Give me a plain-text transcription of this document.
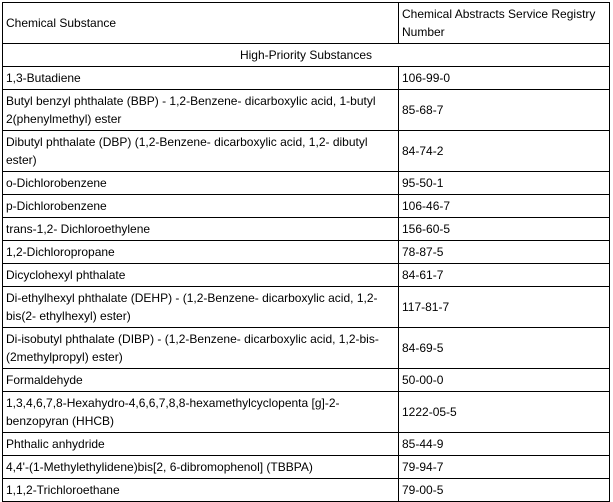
Chemical Substance	Chemical Abstracts Service Registry Number
High-Priority Substances	
1,3-Butadiene	106-99-0
Butyl benzyl phthalate (BBP) - 1,2-Benzene- dicarboxylic acid, 1-butyl 2(phenylmethyl) ester	85-68-7
Dibutyl phthalate (DBP) (1,2-Benzene- dicarboxylic acid, 1,2- dibutyl ester)	84-74-2
o-Dichlorobenzene	95-50-1
p-Dichlorobenzene	106-46-7
trans-1,2- Dichloroethylene	156-60-5
1,2-Dichloropropane	78-87-5
Dicyclohexyl phthalate	84-61-7
Di-ethylhexyl phthalate (DEHP) - (1,2-Benzene- dicarboxylic acid, 1,2- bis(2- ethylhexyl) ester)	117-81-7
Di-isobutyl phthalate (DIBP) - (1,2-Benzene- dicarboxylic acid, 1,2-bis-(2methylpropyl) ester)	84-69-5
Formaldehyde	50-00-0
1,3,4,6,7,8-Hexahydro-4,6,6,7,8,8-hexamethylcyclopenta [g]-2-benzopyran (HHCB)	1222-05-5
Phthalic anhydride	85-44-9
4,4'-(1-Methylethylidene)bis[2, 6-dibromophenol] (TBBPA)	79-94-7
1,1,2-Trichloroethane	79-00-5
